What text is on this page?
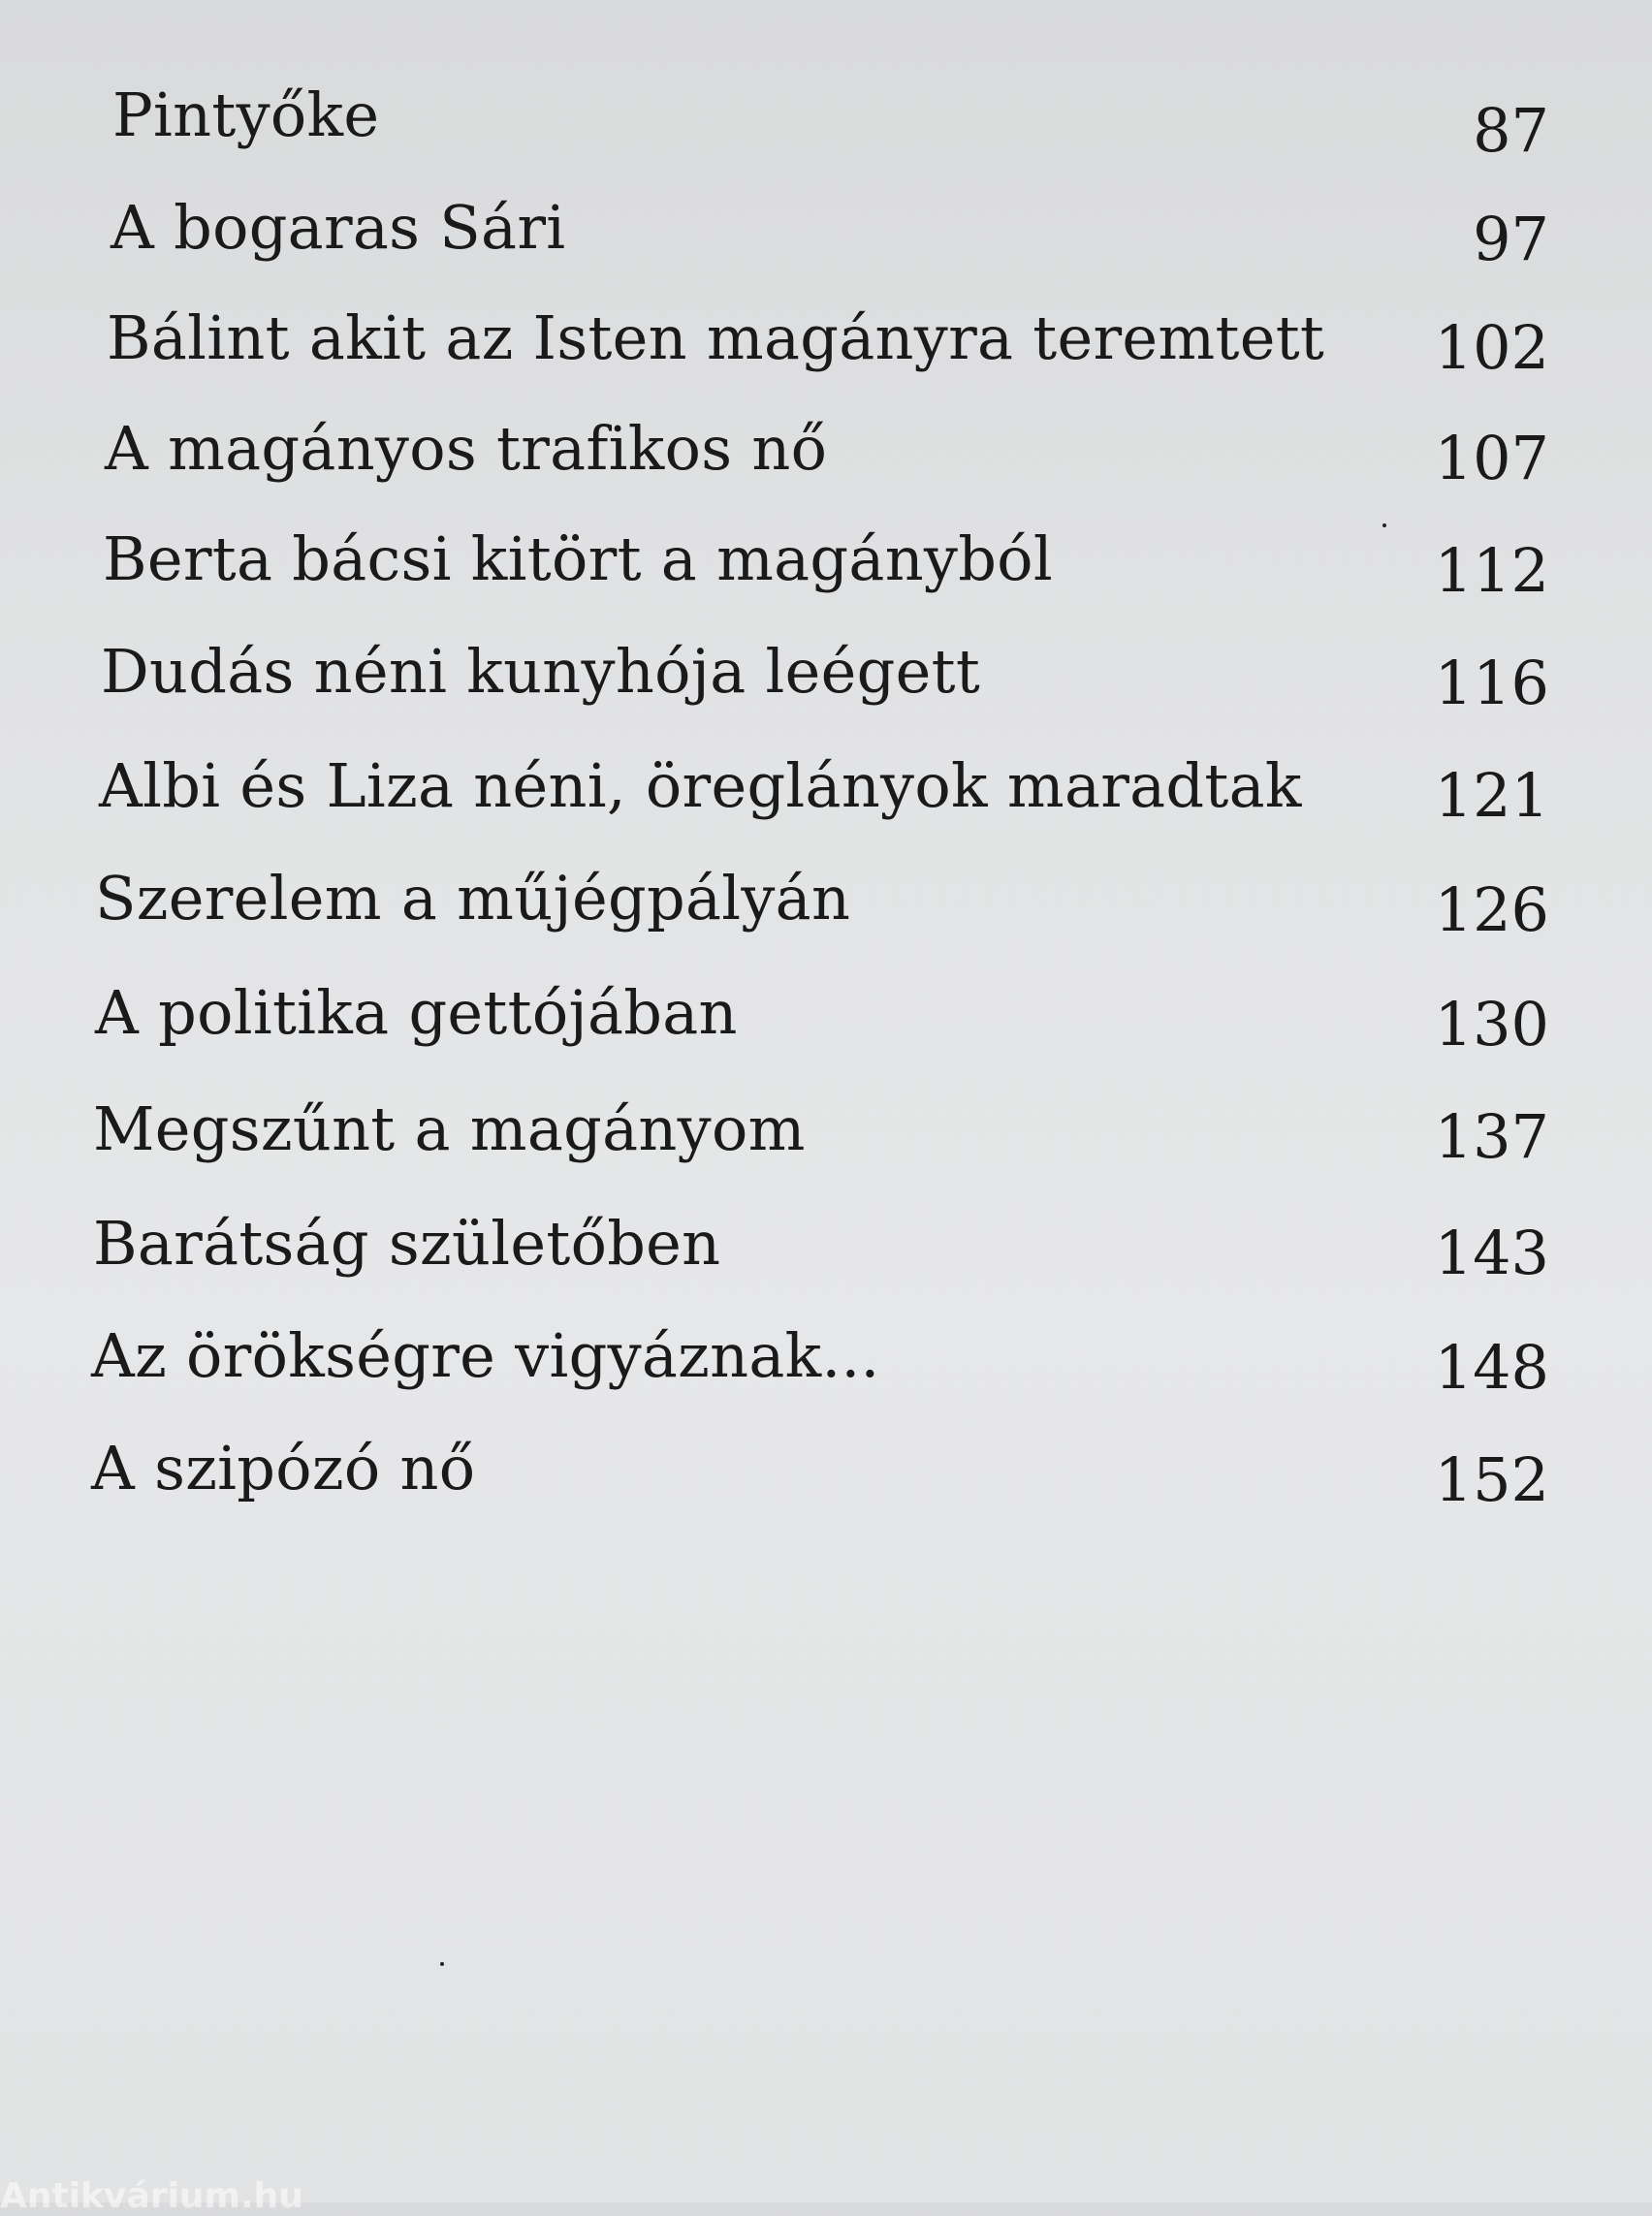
Pintyőke	87
A bogaras Sári	97
Bálint akit az Isten magányra teremtett	102
A magányos trafikos nő	107
Berta bácsi kitört a magányból	112
Dudás néni kunyhója leégett	116
Albi és Liza néni, öreglányok maradtak	121
Szerelem a műjégpályán	126
A politika gettójában	130
Megszűnt a magányom	137
Barátság születőben	143
Az örökségre vigyáznak...	148
A szipózó nő	152
Antikvárium.hu
